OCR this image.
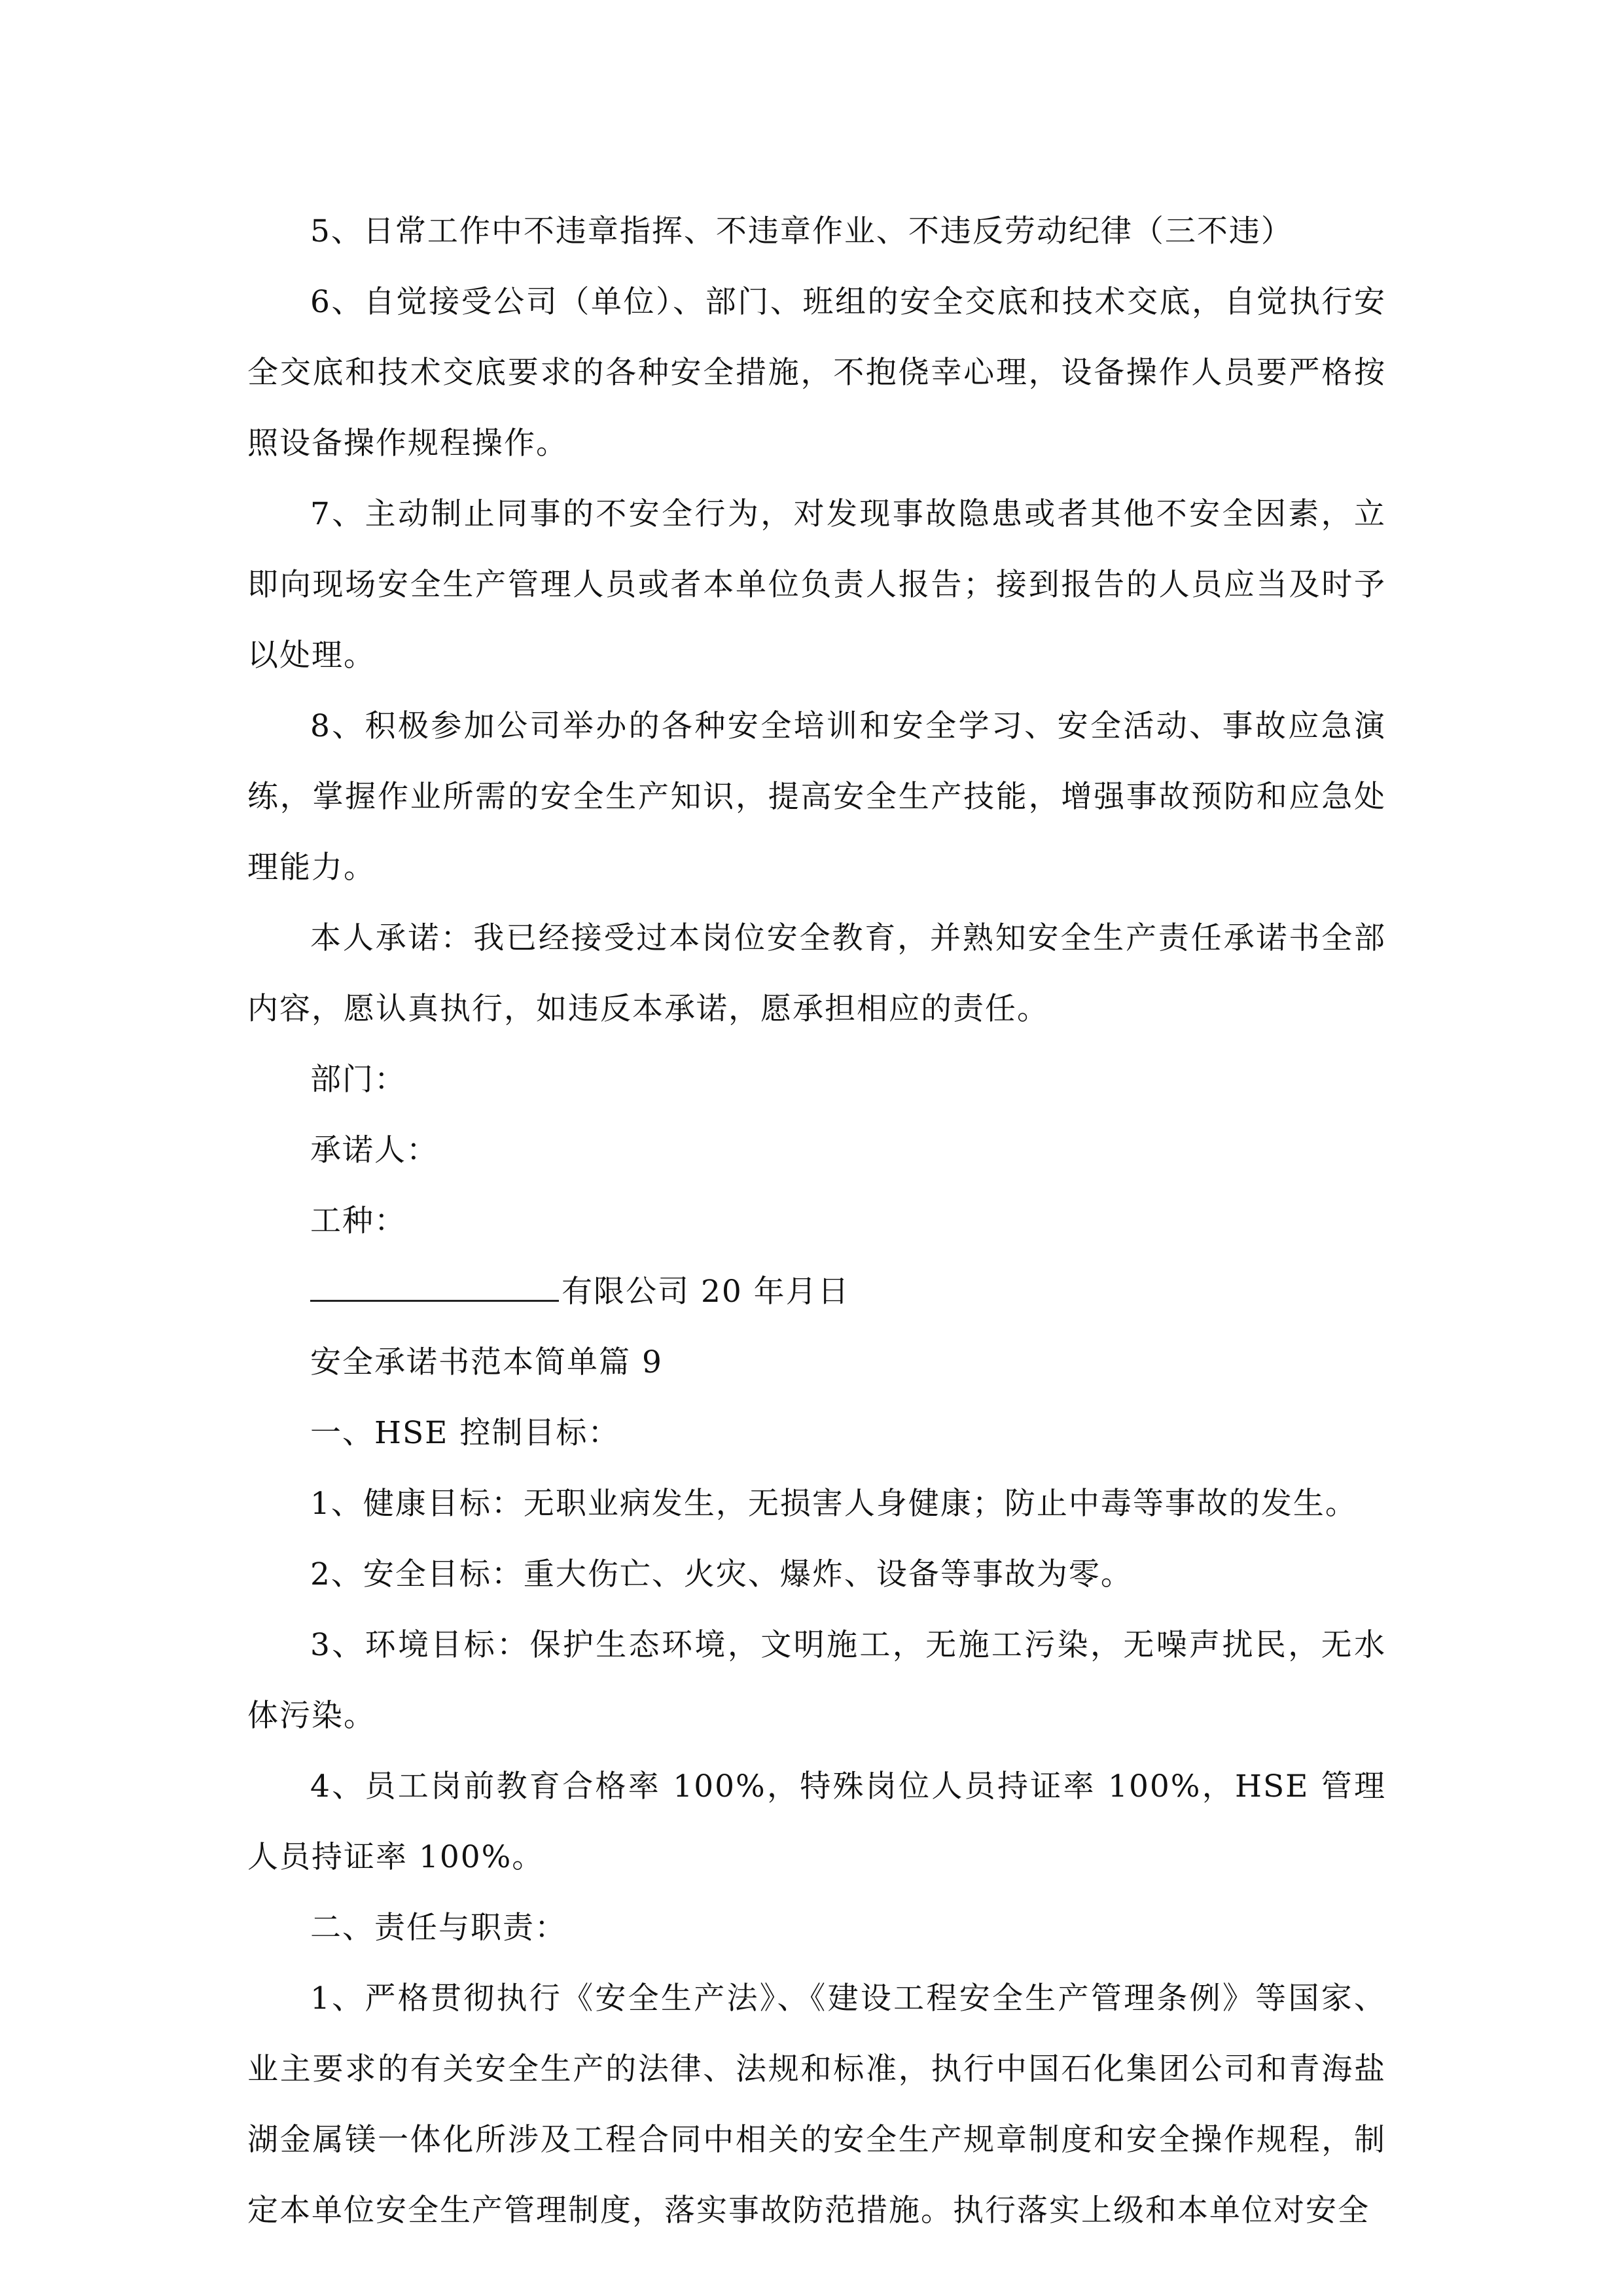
5、日常工作中不违章指挥、不违章作业、不违反劳动纪律（三不违）

6、自觉接受公司（单位）、部门、班组的安全交底和技术交底，自觉执行安全交底和技术交底要求的各种安全措施，不抱侥幸心理，设备操作人员要严格按照设备操作规程操作。

7、主动制止同事的不安全行为，对发现事故隐患或者其他不安全因素，立即向现场安全生产管理人员或者本单位负责人报告；接到报告的人员应当及时予以处理。

8、积极参加公司举办的各种安全培训和安全学习、安全活动、事故应急演练，掌握作业所需的安全生产知识，提高安全生产技能，增强事故预防和应急处理能力。

本人承诺：我已经接受过本岗位安全教育，并熟知安全生产责任承诺书全部内容，愿认真执行，如违反本承诺，愿承担相应的责任。

部门：

承诺人：

工种：

有限公司 20 年月日

安全承诺书范本简单篇 9

一、HSE 控制目标：

1、健康目标：无职业病发生，无损害人身健康；防止中毒等事故的发生。

2、安全目标：重大伤亡、火灾、爆炸、设备等事故为零。

3、环境目标：保护生态环境，文明施工，无施工污染，无噪声扰民，无水体污染。

4、员工岗前教育合格率 100%，特殊岗位人员持证率 100%，HSE 管理人员持证率 100%。

二、责任与职责：

1、严格贯彻执行《安全生产法》、《建设工程安全生产管理条例》等国家、业主要求的有关安全生产的法律、法规和标准，执行中国石化集团公司和青海盐湖金属镁一体化所涉及工程合同中相关的安全生产规章制度和安全操作规程，制定本单位安全生产管理制度，落实事故防范措施。执行落实上级和本单位对安全
